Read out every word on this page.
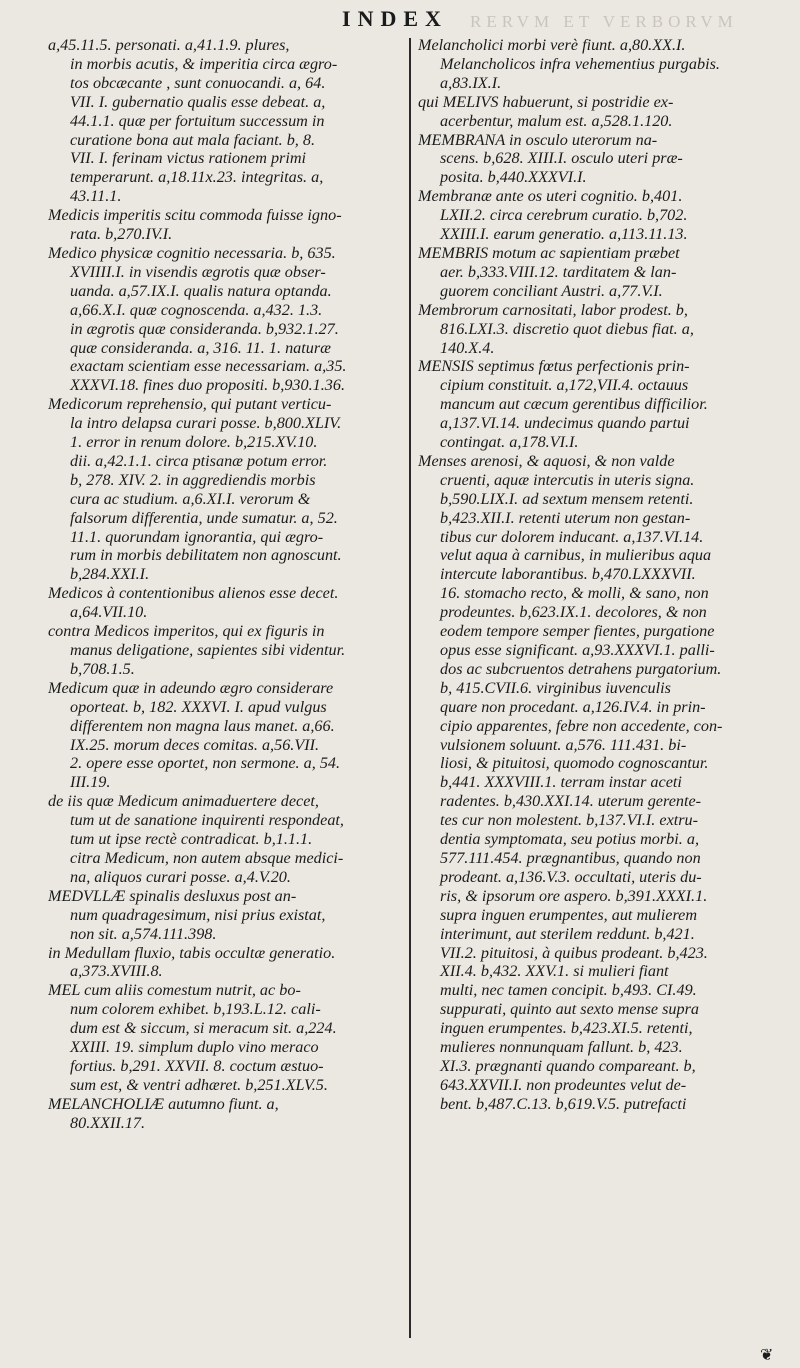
RERVM ET VERBORVM
INDEX
a,45.11.5. personati. a,41.1.9. plures,
in morbis acutis, & imperitia circa ægro-
tos obcæcante , sunt conuocandi. a, 64.
VII. I. gubernatio qualis esse debeat. a,
44.1.1. quæ per fortuitum successum in
curatione bona aut mala faciant. b, 8.
VII. I. ferinam victus rationem primi
temperarunt. a,18.11x.23. integritas. a,
43.11.1.
Medicis imperitis scitu commoda fuisse igno-
rata. b,270.IV.I.
Medico physicæ cognitio necessaria. b, 635.
XVIIII.I. in visendis ægrotis quæ obser-
uanda. a,57.IX.I. qualis natura optanda.
a,66.X.I. quæ cognoscenda. a,432. 1.3.
in ægrotis quæ consideranda. b,932.1.27.
quæ consideranda. a, 316. 11. 1. naturæ
exactam scientiam esse necessariam. a,35.
XXXVI.18. fines duo propositi. b,930.1.36.
Medicorum reprehensio, qui putant verticu-
la intro delapsa curari posse. b,800.XLIV.
1. error in renum dolore. b,215.XV.10.
dii. a,42.1.1. circa ptisanæ potum error.
b, 278. XIV. 2. in aggrediendis morbis
cura ac studium. a,6.XI.I. verorum &
falsorum differentia, unde sumatur. a, 52.
11.1. quorundam ignorantia, qui ægro-
rum in morbis debilitatem non agnoscunt.
b,284.XXI.I.
Medicos à contentionibus alienos esse decet.
a,64.VII.10.
contra Medicos imperitos, qui ex figuris in
manus deligatione, sapientes sibi videntur.
b,708.1.5.
Medicum quæ in adeundo ægro considerare
oporteat. b, 182. XXXVI. I. apud vulgus
differentem non magna laus manet. a,66.
IX.25. morum deces comitas. a,56.VII.
2. opere esse oportet, non sermone. a, 54.
III.19.
de iis quæ Medicum animaduertere decet,
tum ut de sanatione inquirenti respondeat,
tum ut ipse rectè contradicat. b,1.1.1.
citra Medicum, non autem absque medici-
na, aliquos curari posse. a,4.V.20.
MEDVLLÆ spinalis desluxus post an-
num quadragesimum, nisi prius existat,
non sit. a,574.111.398.
in Medullam fluxio, tabis occultæ generatio.
a,373.XVIII.8.
MEL cum aliis comestum nutrit, ac bo-
num colorem exhibet. b,193.L.12. cali-
dum est & siccum, si meracum sit. a,224.
XXIII. 19. simplum duplo vino meraco
fortius. b,291. XXVII. 8. coctum æstuo-
sum est, & ventri adhæret. b,251.XLV.5.
MELANCHOLIÆ autumno fiunt. a,
80.XXII.17.
Melancholici morbi verè fiunt. a,80.XX.I.
Melancholicos infra vehementius purgabis.
a,83.IX.I.
qui MELIVS habuerunt, si postridie ex-
acerbentur, malum est. a,528.1.120.
MEMBRANA in osculo uterorum na-
scens. b,628. XIII.I. osculo uteri præ-
posita. b,440.XXXVI.I.
Membranæ ante os uteri cognitio. b,401.
LXII.2. circa cerebrum curatio. b,702.
XXIII.I. earum generatio. a,113.11.13.
MEMBRIS motum ac sapientiam præbet
aer. b,333.VIII.12. tarditatem & lan-
guorem conciliant Austri. a,77.V.I.
Membrorum carnositati, labor prodest. b,
816.LXI.3. discretio quot diebus fiat. a,
140.X.4.
MENSIS septimus fœtus perfectionis prin-
cipium constituit. a,172,VII.4. octauus
mancum aut cæcum gerentibus difficilior.
a,137.VI.14. undecimus quando partui
contingat. a,178.VI.I.
Menses arenosi, & aquosi, & non valde
cruenti, aquæ intercutis in uteris signa.
b,590.LIX.I. ad sextum mensem retenti.
b,423.XII.I. retenti uterum non gestan-
tibus cur dolorem inducant. a,137.VI.14.
velut aqua à carnibus, in mulieribus aqua
intercute laborantibus. b,470.LXXXVII.
16. stomacho recto, & molli, & sano, non
prodeuntes. b,623.IX.1. decolores, & non
eodem tempore semper fientes, purgatione
opus esse significant. a,93.XXXVI.1. palli-
dos ac subcruentos detrahens purgatorium.
b, 415.CVII.6. virginibus iuvenculis
quare non procedant. a,126.IV.4. in prin-
cipio apparentes, febre non accedente, con-
vulsionem soluunt. a,576. 111.431. bi-
liosi, & pituitosi, quomodo cognoscantur.
b,441. XXXVIII.1. terram instar aceti
radentes. b,430.XXI.14. uterum gerente-
tes cur non molestent. b,137.VI.I. extru-
dentia symptomata, seu potius morbi. a,
577.111.454. prægnantibus, quando non
prodeant. a,136.V.3. occultati, uteris du-
ris, & ipsorum ore aspero. b,391.XXXI.1.
supra inguen erumpentes, aut mulierem
interimunt, aut sterilem reddunt. b,421.
VII.2. pituitosi, à quibus prodeant. b,423.
XII.4. b,432. XXV.1. si mulieri fiant
multi, nec tamen concipit. b,493. CI.49.
suppurati, quinto aut sexto mense supra
inguen erumpentes. b,423.XI.5. retenti,
mulieres nonnunquam fallunt. b, 423.
XI.3. prægnanti quando compareant. b,
643.XXVII.I. non prodeuntes velut de-
bent. b,487.C.13. b,619.V.5. putrefacti
❦
